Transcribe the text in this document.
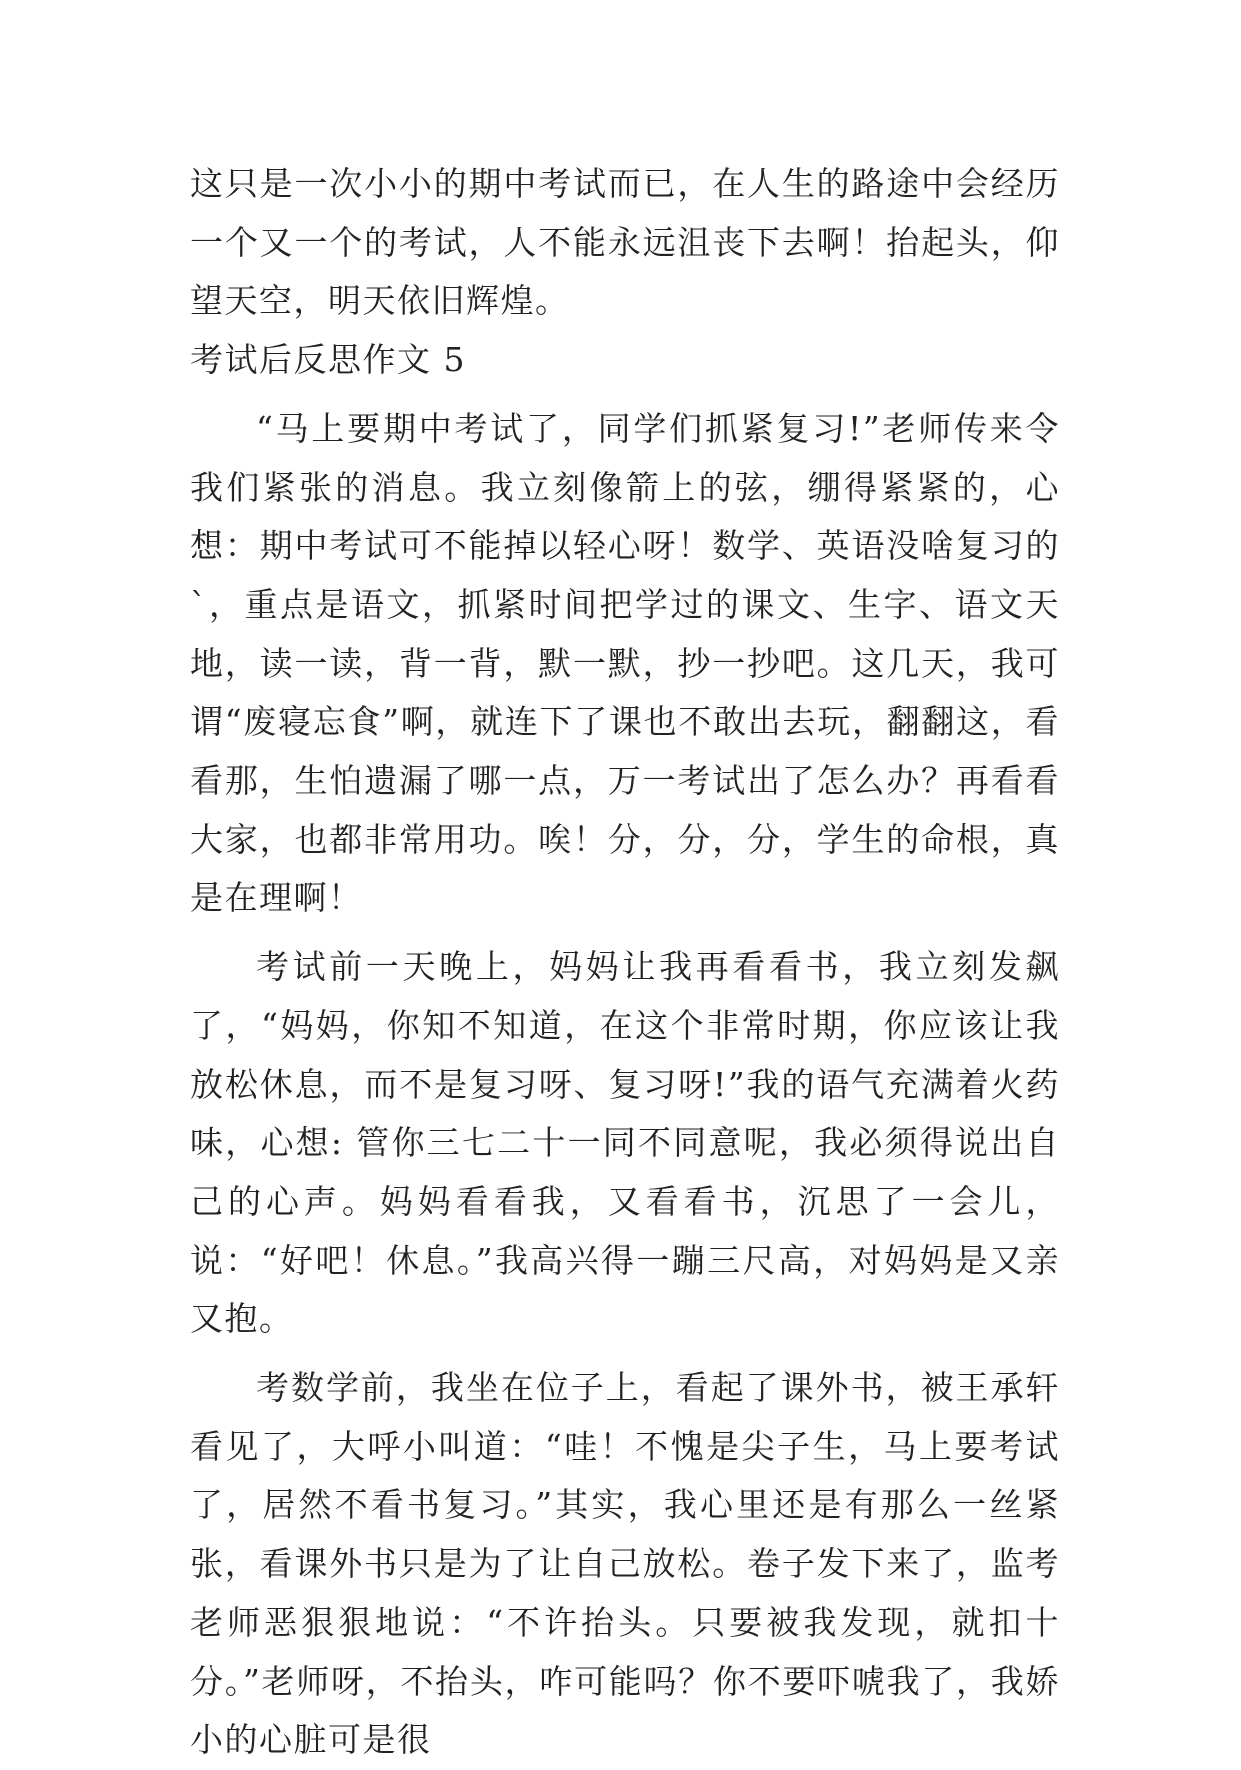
这只是一次小小的期中考试而已，在人生的路途中会经历一个又一个的考试，人不能永远沮丧下去啊！抬起头，仰望天空，明天依旧辉煌。

考试后反思作文 5

“马上要期中考试了，同学们抓紧复习!”老师传来令我们紧张的消息。我立刻像箭上的弦，绷得紧紧的，心想：期中考试可不能掉以轻心呀！数学、英语没啥复习的`，重点是语文，抓紧时间把学过的课文、生字、语文天地，读一读，背一背，默一默，抄一抄吧。这几天，我可谓“废寝忘食”啊，就连下了课也不敢出去玩，翻翻这，看看那，生怕遗漏了哪一点，万一考试出了怎么办？再看看大家，也都非常用功。唉！分，分，分，学生的命根，真是在理啊！

考试前一天晚上，妈妈让我再看看书，我立刻发飙了，“妈妈，你知不知道，在这个非常时期，你应该让我放松休息，而不是复习呀、复习呀!”我的语气充满着火药味，心想: 管你三七二十一同不同意呢，我必须得说出自己的心声。妈妈看看我，又看看书，沉思了一会儿，说：“好吧！休息。”我高兴得一蹦三尺高，对妈妈是又亲又抱。

考数学前，我坐在位子上，看起了课外书，被王承轩看见了，大呼小叫道：“哇！不愧是尖子生，马上要考试了，居然不看书复习。”其实，我心里还是有那么一丝紧张，看课外书只是为了让自己放松。卷子发下来了，监考老师恶狠狠地说：“不许抬头。只要被我发现，就扣十分。”老师呀，不抬头，咋可能吗？你不要吓唬我了，我娇小的心脏可是很
